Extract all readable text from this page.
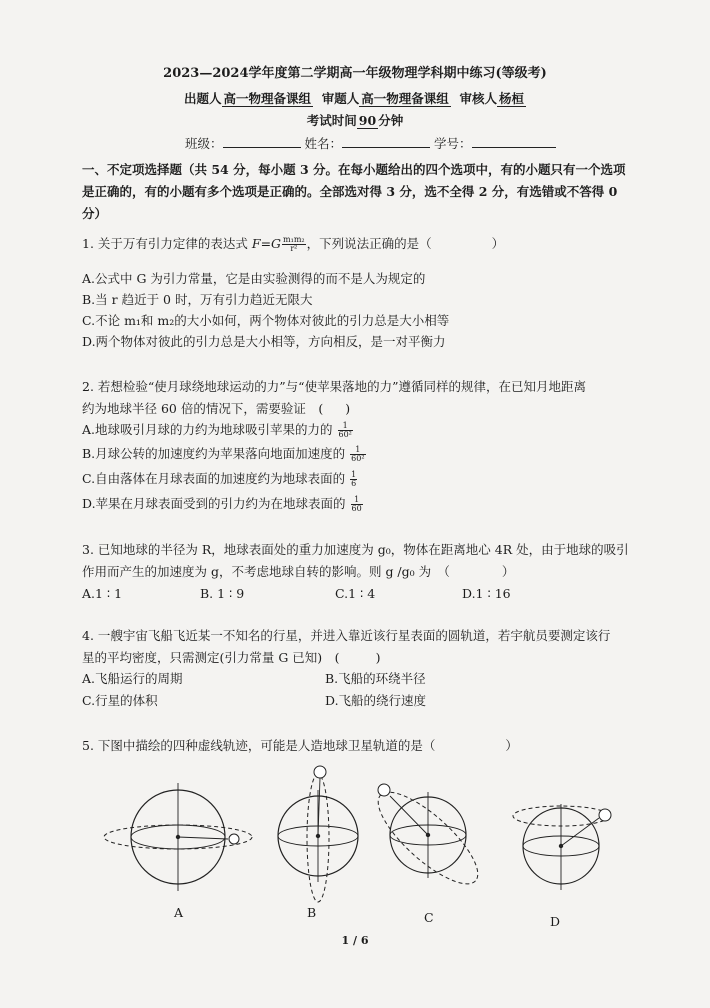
2023—2024学年度第二学期高一年级物理学科期中练习(等级考)
出题人 高一物理备课组 审题人 高一物理备课组 审核人 杨桓
考试时间 90 分钟
班级：	姓名：	学号：
一、不定项选择题（共 54 分，每小题 3 分。在每小题给出的四个选项中，有的小题只有一个选项
是正确的，有的小题有多个选项是正确的。全部选对得 3 分，选不全得 2 分，有选错或不答得 0
分）
1. 关于万有引力定律的表达式 $F=G \frac{\text{m₁m₂}}{\text{r²}}$ ，下列说法正确的是（	）
A.公式中 G 为引力常量，它是由实验测得的而不是人为规定的
B.当 r 趋近于 0 时，万有引力趋近无限大
C.不论 m₁和 m₂的大小如何，两个物体对彼此的引力总是大小相等
D.两个物体对彼此的引力总是大小相等，方向相反，是一对平衡力
2. 若想检验“使月球绕地球运动的力”与“使苹果落地的力”遵循同样的规律，在已知月地距离
约为地球半径 60 倍的情况下，需要验证　( )
A.地球吸引月球的力约为地球吸引苹果的力的 $\frac{1}{\text{60²}}$
B.月球公转的加速度约为苹果落向地面加速度的 $\frac{1}{\text{60²}}$
C.自由落体在月球表面的加速度约为地球表面的 $\frac{1}{6}$
D.苹果在月球表面受到的引力约为在地球表面的 $\frac{1}{60}$
3. 已知地球的半径为 R，地球表面处的重力加速度为 g₀，物体在距离地心 4R 处，由于地球的吸引
作用而产生的加速度为 g，不考虑地球自转的影响。则 g /g₀ 为　（	）
A.1 ∶ 1	B. 1 ∶ 9	C.1 ∶ 4	D.1 ∶ 16
4. 一艘宇宙飞船飞近某一不知名的行星，并进入靠近该行星表面的圆轨道，若宇航员要测定该行
星的平均密度，只需测定(引力常量 G 已知)　(	)
A.飞船运行的周期	B.飞船的环绕半径
C.行星的体积	D.飞船的绕行速度
5. 下图中描绘的四种虚线轨迹，可能是人造地球卫星轨道的是（	）
A	B	C	D
1 / 6
